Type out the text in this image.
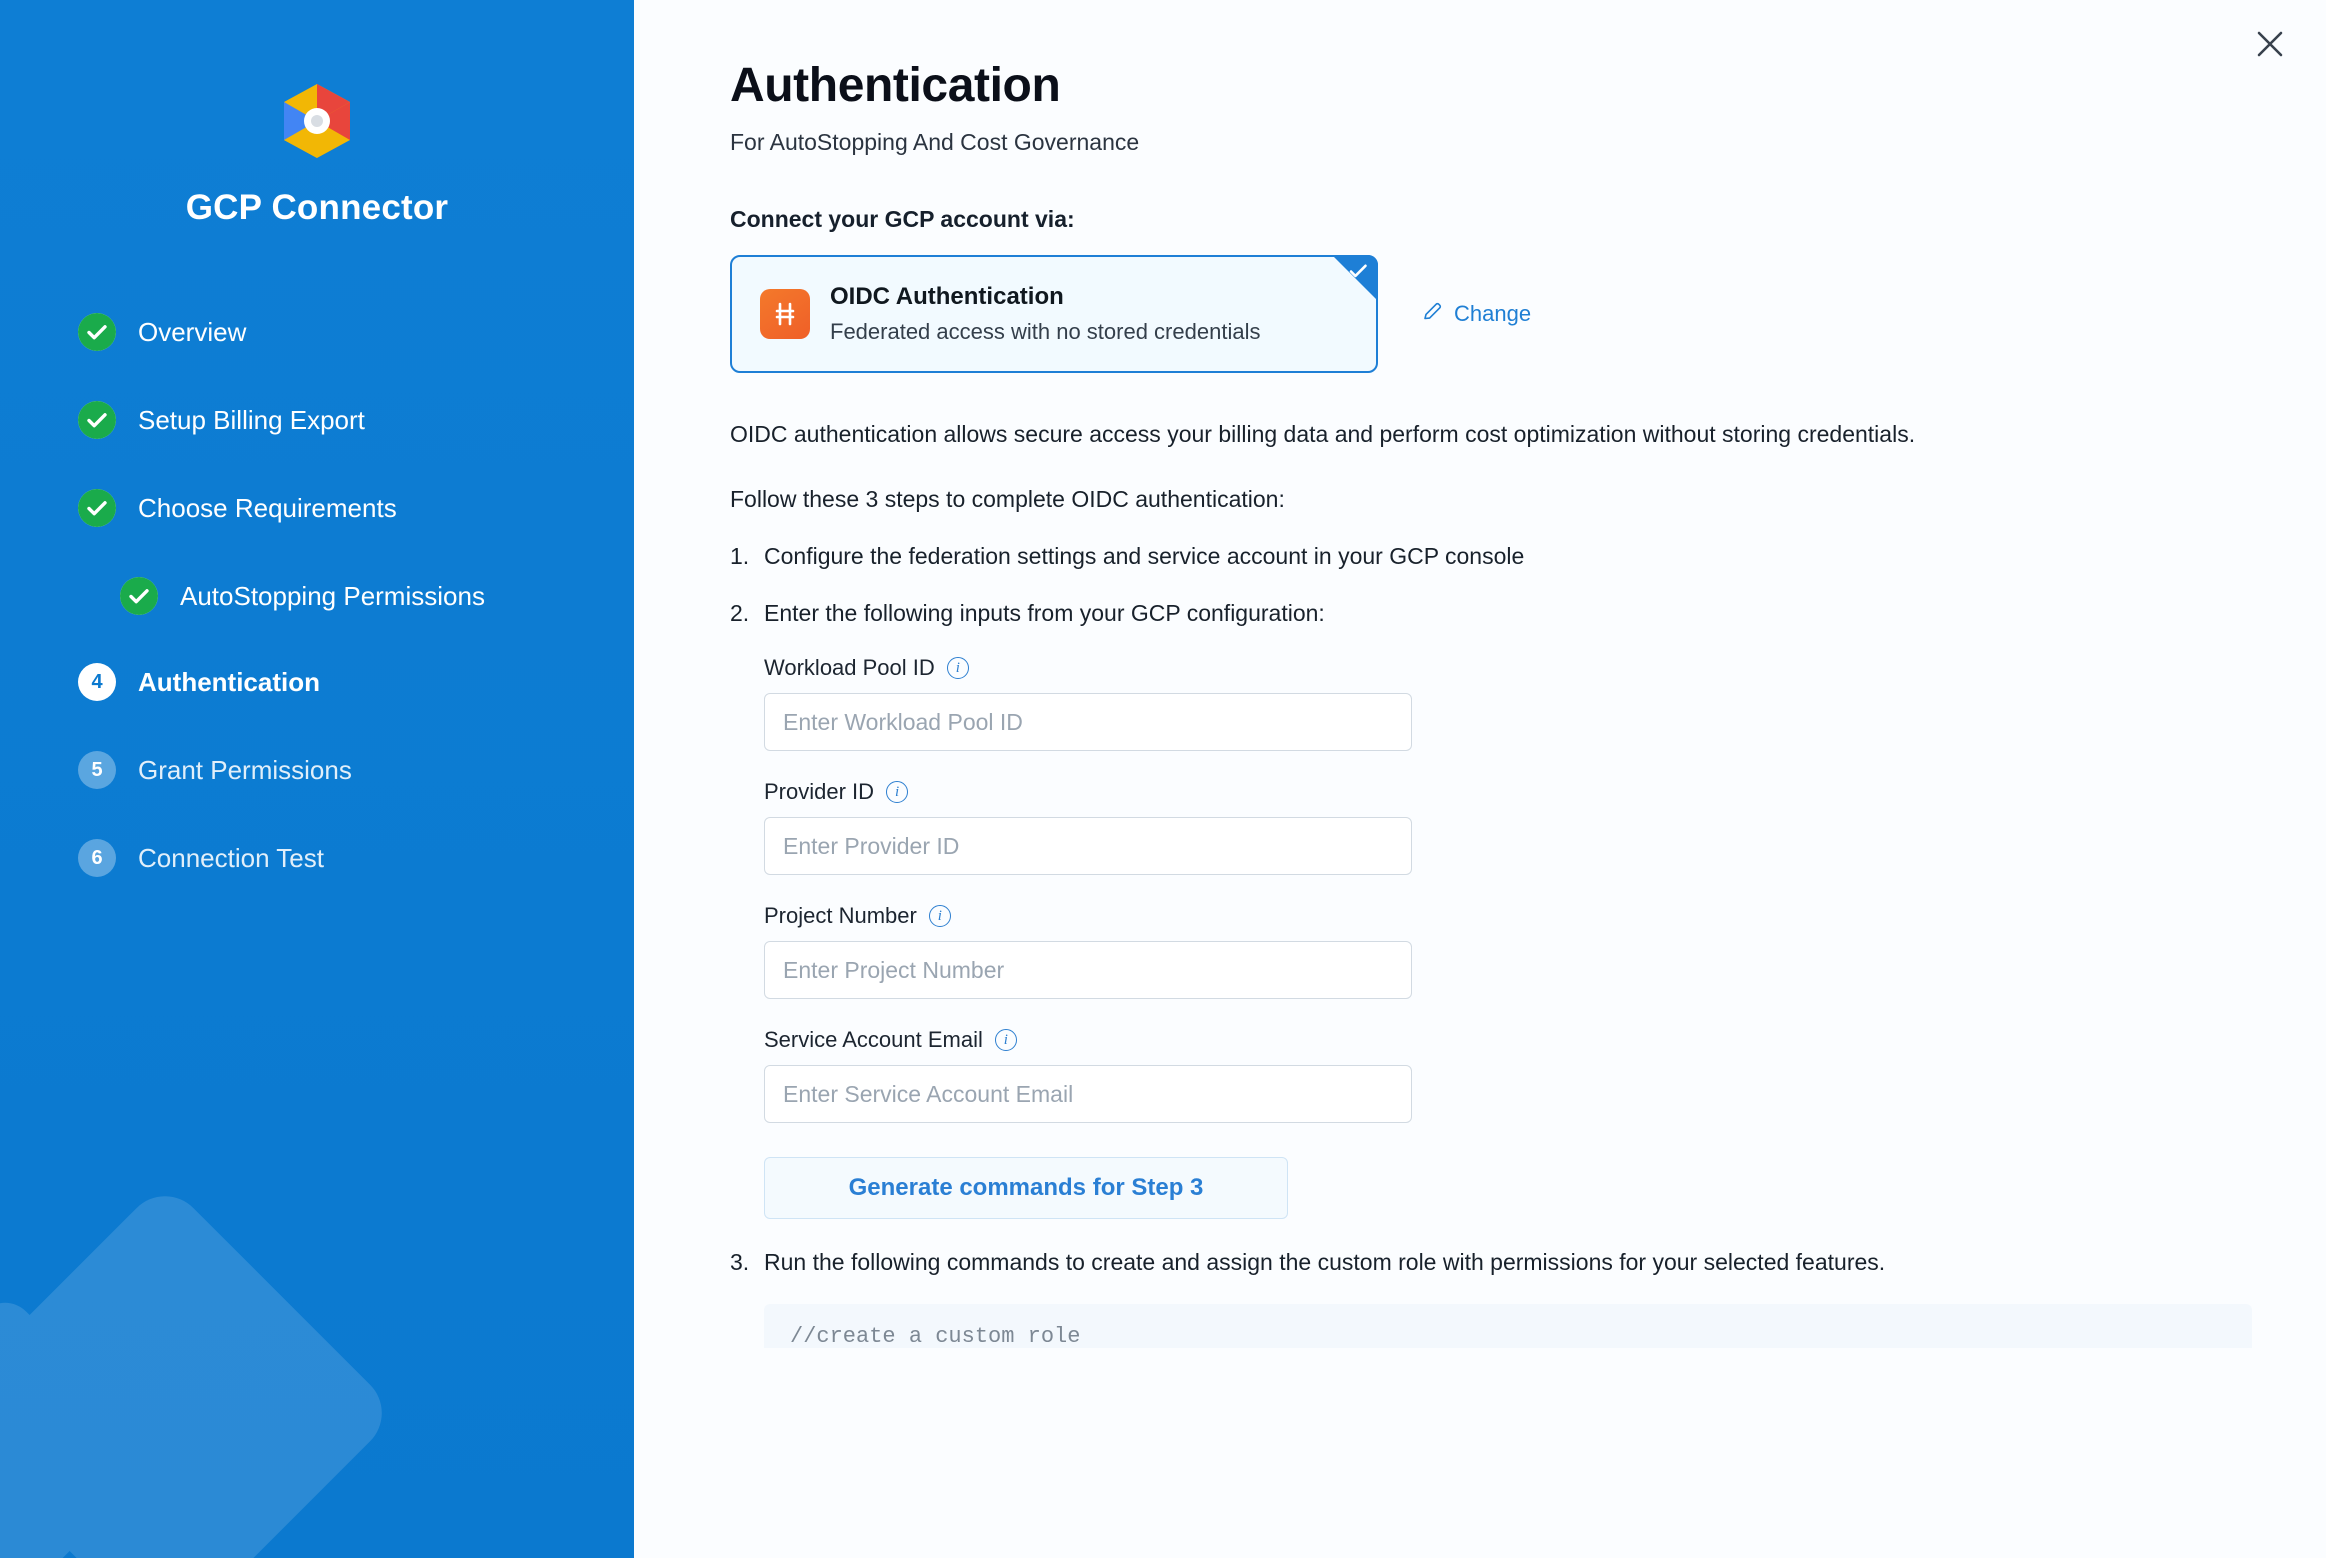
GCP Connector
Overview
Setup Billing Export
Choose Requirements
AutoStopping Permissions
4	Authentication
5	Grant Permissions
6	Connection Test
Authentication
For AutoStopping And Cost Governance
Connect your GCP account via:
OIDC Authentication
Federated access with no stored credentials
Change
OIDC authentication allows secure access your billing data and perform cost optimization without storing credentials.
Follow these 3 steps to complete OIDC authentication:
1. Configure the federation settings and service account in your GCP console
2. Enter the following inputs from your GCP configuration:
Workload Pool ID	i
Enter Workload Pool ID
Provider ID	i
Enter Provider ID
Project Number	i
Enter Project Number
Service Account Email	i
Enter Service Account Email
Generate commands for Step 3
3. Run the following commands to create and assign the custom role with permissions for your selected features.
//create a custom role
